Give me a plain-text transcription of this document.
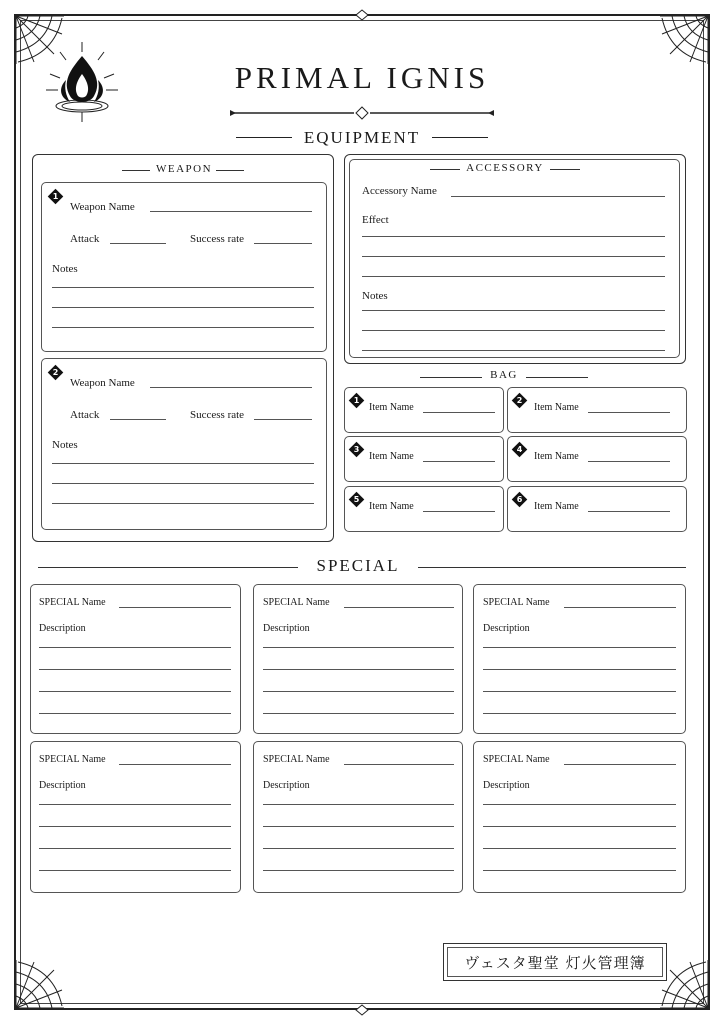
PRIMAL IGNIS
EQUIPMENT
WEAPON
1
Weapon Name
Attack	Success rate
Notes
2
Weapon Name
Attack	Success rate
Notes
ACCESSORY
Accessory Name
Effect
Notes
BAG
1
Item Name
2
Item Name
3
Item Name
4
Item Name
5
Item Name
6
Item Name
SPECIAL
SPECIAL Name
Description
SPECIAL Name
Description
SPECIAL Name
Description
SPECIAL Name
Description
SPECIAL Name
Description
SPECIAL Name
Description
ヴェスタ聖堂 灯火管理簿
